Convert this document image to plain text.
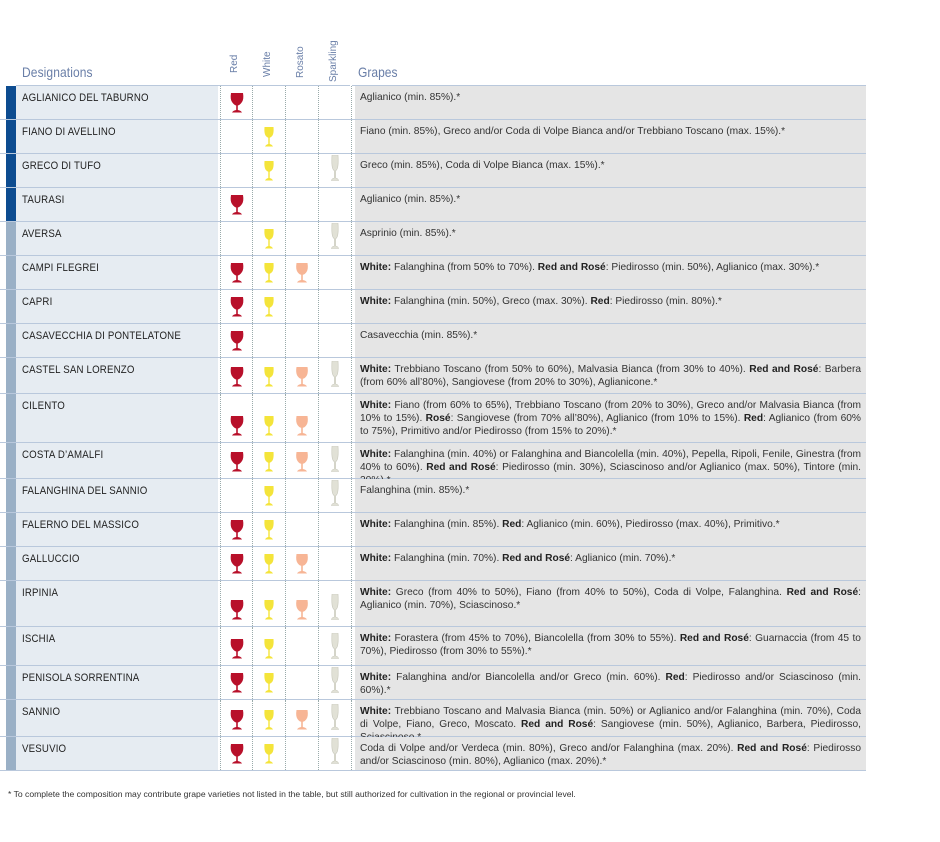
Designations	Red White Rosato Sparkling Grapes
AGLIANICO DEL TABURNO	Aglianico (min. 85%).*
FIANO DI AVELLINO	Fiano (min. 85%), Greco and/or Coda di Volpe Bianca and/or Trebbiano Toscano (max. 15%).*
GRECO DI TUFO	Greco (min. 85%), Coda di Volpe Bianca (max. 15%).*
TAURASI	Aglianico (min. 85%).*
AVERSA	Asprinio (min. 85%).*
CAMPI FLEGREI	White: Falanghina (from 50% to 70%). Red and Rosé: Piedirosso (min. 50%), Aglianico (max. 30%).*
CAPRI	White: Falanghina (min. 50%), Greco (max. 30%). Red: Piedirosso (min. 80%).*
CASAVECCHIA DI PONTELATONE	Casavecchia (min. 85%).*
CASTEL SAN LORENZO	White: Trebbiano Toscano (from 50% to 60%), Malvasia Bianca (from 30% to 40%). Red and Rosé: Barbera (from 60% all’80%), Sangiovese (from 20% to 30%), Aglianicone.*
CILENTO	White: Fiano (from 60% to 65%), Trebbiano Toscano (from 20% to 30%), Greco and/or Malvasia Bianca (from 10% to 15%). Rosé: Sangiovese (from 70% all’80%), Aglianico (from 10% to 15%). Red: Aglianico (from 60% to 75%), Primitivo and/or Piedirosso (from 15% to 20%).*
COSTA D’AMALFI	White: Falanghina (min. 40%) or Falanghina and Biancolella (min. 40%), Pepella, Ripoli, Fenile, Ginestra (from 40% to 60%). Red and Rosé: Piedirosso (min. 30%), Sciascinoso and/or Aglianico (max. 50%), Tintore (min.
FALANGHINA DEL SANNIO	Falanghina (min. 85%).*
FALERNO DEL MASSICO	White: Falanghina (min. 85%). Red: Aglianico (min. 60%), Piedirosso (max. 40%), Primitivo.*
GALLUCCIO	White: Falanghina (min. 70%). Red and Rosé: Aglianico (min. 70%).*
IRPINIA	White: Greco (from 40% to 50%), Fiano (from 40% to 50%), Coda di Volpe, Falanghina. Red and Rosé: Aglianico (min. 70%), Sciascinoso.*
ISCHIA	White: Forastera (from 45% to 70%), Biancolella (from 30% to 55%). Red and Rosé: Guarnaccia (from 45 to 70%), Piedirosso (from 30% to 55%).*
PENISOLA SORRENTINA	White: Falanghina and/or Biancolella and/or Greco (min. 60%). Red: Piedirosso and/or Sciascinoso (min. 60%).*
SANNIO	White: Trebbiano Toscano and Malvasia Bianca (min. 50%) or Aglianico and/or Falanghina (min. 70%), Coda di Volpe, Fiano, Greco, Moscato. Red and Rosé: Sangiovese (min. 50%), Aglianico, Barbera, Piedirosso,
VESUVIO	Coda di Volpe and/or Verdeca (min. 80%), Greco and/or Falanghina (max. 20%). Red and Rosé: Piedirosso and/or Sciascinoso (min. 80%), Aglianico (max. 20%).*
* To complete the composition may contribute grape varieties not listed in the table, but still authorized for cultivation in the regional or provincial level.
